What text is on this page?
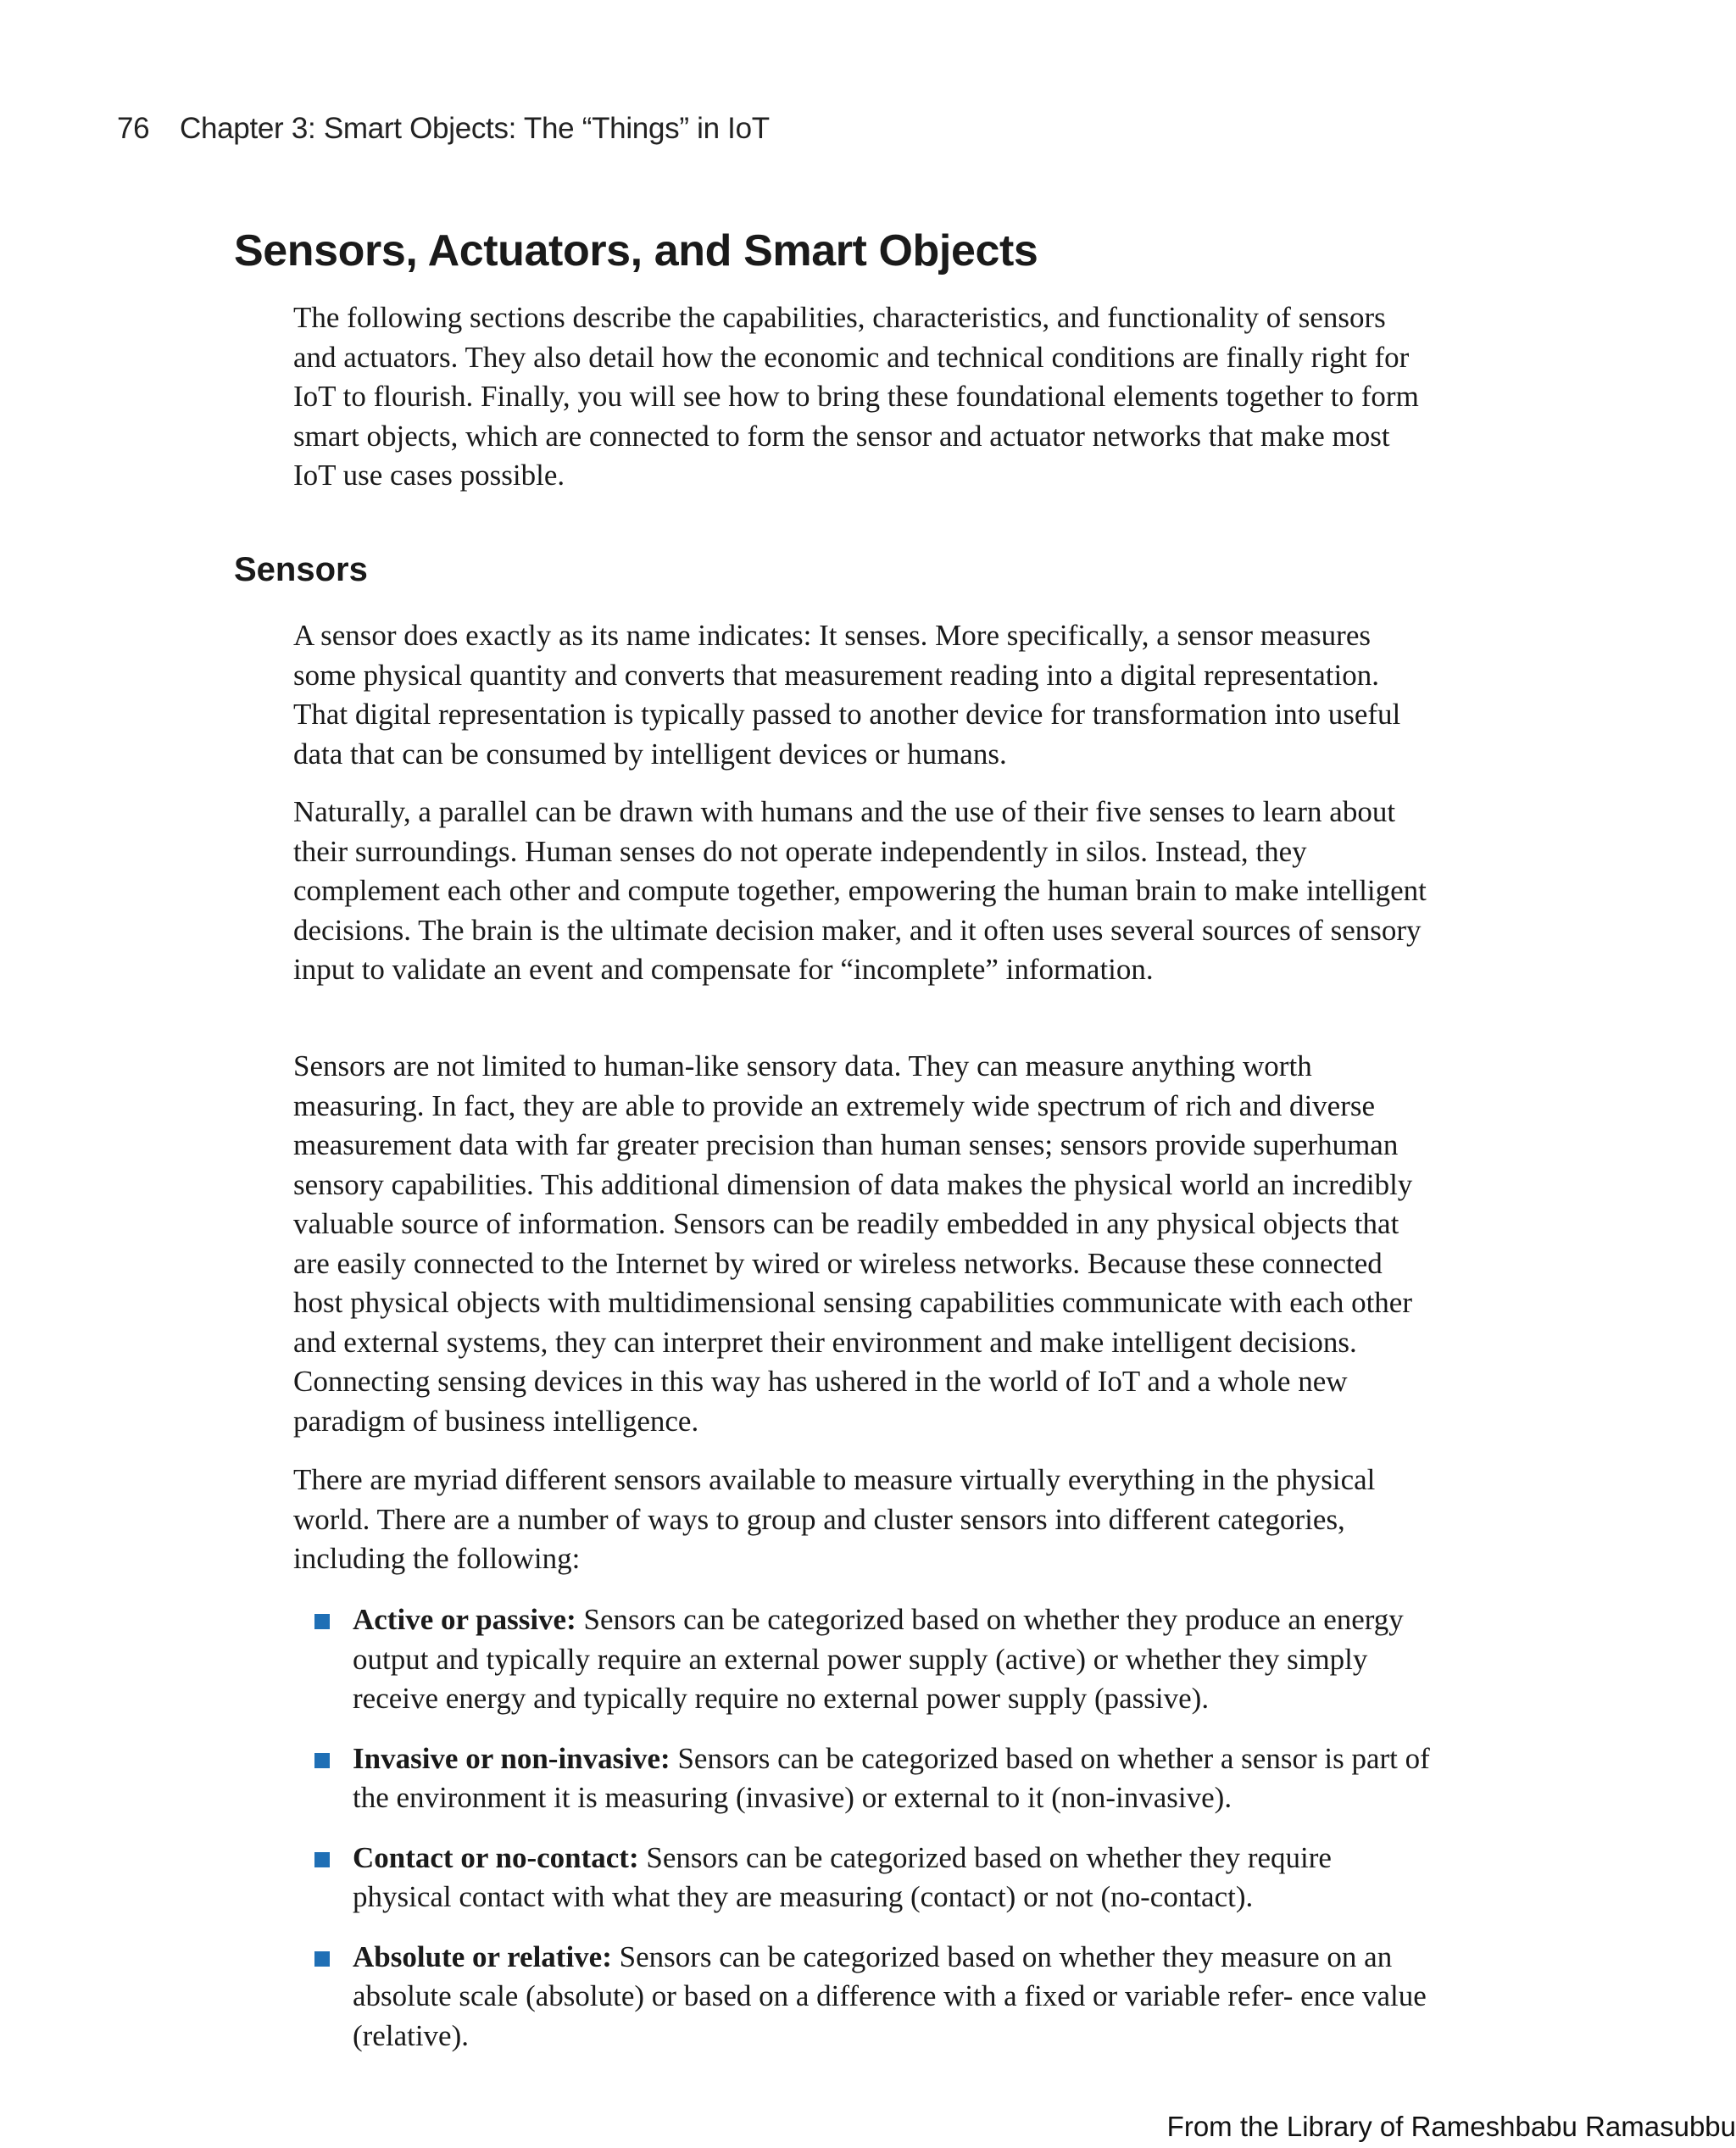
76 Chapter 3: Smart Objects: The “Things” in IoT
Sensors, Actuators, and Smart Objects

The following sections describe the capabilities, characteristics, and functionality of sensors and actuators. They also detail how the economic and technical conditions are finally right for IoT to flourish. Finally, you will see how to bring these foundational elements together to form smart objects, which are connected to form the sensor and actuator networks that make most IoT use cases possible.

Sensors

A sensor does exactly as its name indicates: It senses. More specifically, a sensor measures some physical quantity and converts that measurement reading into a digital representation. That digital representation is typically passed to another device for transformation into useful data that can be consumed by intelligent devices or humans.

Naturally, a parallel can be drawn with humans and the use of their five senses to learn about their surroundings. Human senses do not operate independently in silos. Instead, they complement each other and compute together, empowering the human brain to make intelligent decisions. The brain is the ultimate decision maker, and it often uses several sources of sensory input to validate an event and compensate for “incomplete” information.

Sensors are not limited to human-like sensory data. They can measure anything worth measuring. In fact, they are able to provide an extremely wide spectrum of rich and diverse measurement data with far greater precision than human senses; sensors provide superhuman sensory capabilities. This additional dimension of data makes the physical world an incredibly valuable source of information. Sensors can be readily embedded in any physical objects that are easily connected to the Internet by wired or wireless networks. Because these connected host physical objects with multidimensional sensing capabilities communicate with each other and external systems, they can interpret their environment and make intelligent decisions. Connecting sensing devices in this way has ushered in the world of IoT and a whole new paradigm of business intelligence.

There are myriad different sensors available to measure virtually everything in the physical world. There are a number of ways to group and cluster sensors into different categories, including the following:

Active or passive: Sensors can be categorized based on whether they produce an energy output and typically require an external power supply (active) or whether they simply receive energy and typically require no external power supply (passive).
Invasive or non-invasive: Sensors can be categorized based on whether a sensor is part of the environment it is measuring (invasive) or external to it (non-invasive).
Contact or no-contact: Sensors can be categorized based on whether they require physical contact with what they are measuring (contact) or not (no-contact).
Absolute or relative: Sensors can be categorized based on whether they measure on an absolute scale (absolute) or based on a difference with a fixed or variable refer- ence value (relative).
From the Library of Rameshbabu Ramasubbu
